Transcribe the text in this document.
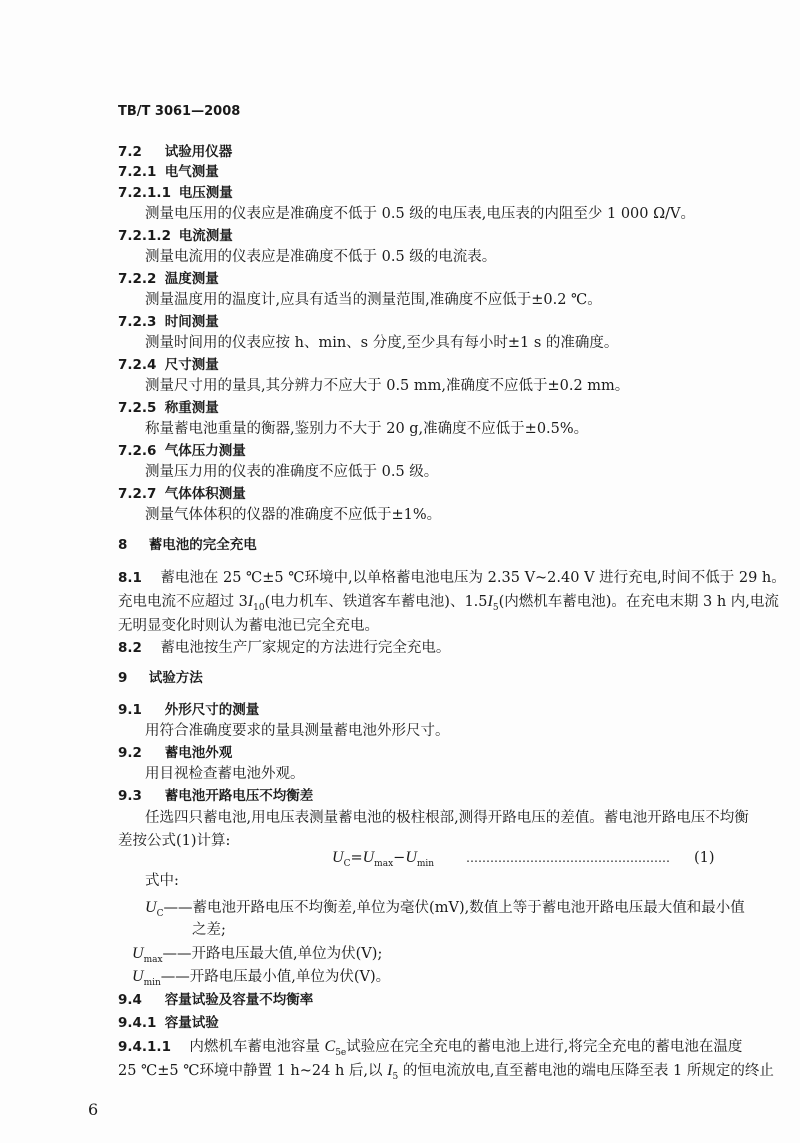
TB/T 3061—2008
7.2 试验用仪器
7.2.1 电气测量
7.2.1.1 电压测量
测量电压用的仪表应是准确度不低于 0.5 级的电压表,电压表的内阻至少 1 000 Ω/V。
7.2.1.2 电流测量
测量电流用的仪表应是准确度不低于 0.5 级的电流表。
7.2.2 温度测量
测量温度用的温度计,应具有适当的测量范围,准确度不应低于±0.2 ℃。
7.2.3 时间测量
测量时间用的仪表应按 h、min、s 分度,至少具有每小时±1 s 的准确度。
7.2.4 尺寸测量
测量尺寸用的量具,其分辨力不应大于 0.5 mm,准确度不应低于±0.2 mm。
7.2.5 称重测量
称量蓄电池重量的衡器,鉴别力不大于 20 g,准确度不应低于±0.5%。
7.2.6 气体压力测量
测量压力用的仪表的准确度不应低于 0.5 级。
7.2.7 气体体积测量
测量气体体积的仪器的准确度不应低于±1%。
8 蓄电池的完全充电
8.1 蓄电池在 25 ℃±5 ℃环境中,以单格蓄电池电压为 2.35 V~2.40 V 进行充电,时间不低于 29 h。
充电电流不应超过 $3I_{10}$(电力机车、铁道客车蓄电池)、$1.5I_5$(内燃机车蓄电池)。在充电末期 3 h 内,电流
无明显变化时则认为蓄电池已完全充电。
8.2 蓄电池按生产厂家规定的方法进行完全充电。
9 试验方法
9.1 外形尺寸的测量
用符合准确度要求的量具测量蓄电池外形尺寸。
9.2 蓄电池外观
用目视检查蓄电池外观。
9.3 蓄电池开路电压不均衡差
任选四只蓄电池,用电压表测量蓄电池的极柱根部,测得开路电压的差值。蓄电池开路电压不均衡
差按公式(1)计算:
$U_C=U_{max}-U_{min}$	…………………………………………… (1)
式中:
$U_C——$蓄电池开路电压不均衡差,单位为毫伏(mV),数值上等于蓄电池开路电压最大值和最小值
之差;
$U_{max}——$开路电压最大值,单位为伏(V);
$U_{min}——$开路电压最小值,单位为伏(V)。
9.4 容量试验及容量不均衡率
9.4.1 容量试验
9.4.1.1 内燃机车蓄电池容量 $C_{5e}$试验应在完全充电的蓄电池上进行,将完全充电的蓄电池在温度
25 ℃±5 ℃环境中静置 1 h~24 h 后,以 $I_5$ 的恒电流放电,直至蓄电池的端电压降至表 1 所规定的终止
6
